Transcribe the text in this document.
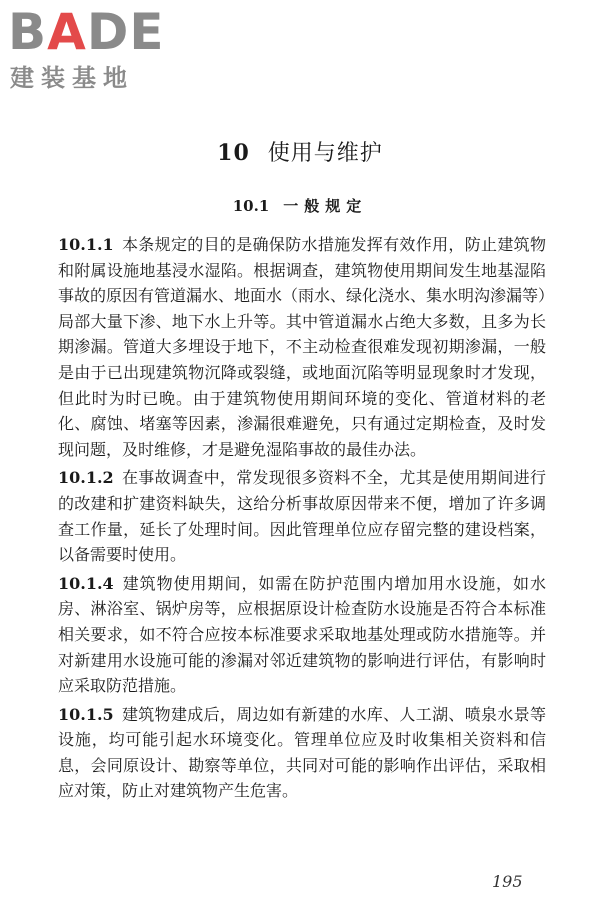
BADE
建装基地
10 使用与维护
10.1 一般规定

10.1.1 本条规定的目的是确保防水措施发挥有效作用，防止建筑物和附属设施地基浸水湿陷。根据调查，建筑物使用期间发生地基湿陷事故的原因有管道漏水、地面水（雨水、绿化浇水、集水明沟渗漏等）局部大量下渗、地下水上升等。其中管道漏水占绝大多数，且多为长期渗漏。管道大多埋设于地下，不主动检查很难发现初期渗漏，一般是由于已出现建筑物沉降或裂缝，或地面沉陷等明显现象时才发现，但此时为时已晚。由于建筑物使用期间环境的变化、管道材料的老化、腐蚀、堵塞等因素，渗漏很难避免，只有通过定期检查，及时发现问题，及时维修，才是避免湿陷事故的最佳办法。

10.1.2 在事故调查中，常发现很多资料不全，尤其是使用期间进行的改建和扩建资料缺失，这给分析事故原因带来不便，增加了许多调查工作量，延长了处理时间。因此管理单位应存留完整的建设档案，以备需要时使用。

10.1.4 建筑物使用期间，如需在防护范围内增加用水设施，如水房、淋浴室、锅炉房等，应根据原设计检查防水设施是否符合本标准相关要求，如不符合应按本标准要求采取地基处理或防水措施等。并对新建用水设施可能的渗漏对邻近建筑物的影响进行评估，有影响时应采取防范措施。

10.1.5 建筑物建成后，周边如有新建的水库、人工湖、喷泉水景等设施，均可能引起水环境变化。管理单位应及时收集相关资料和信息，会同原设计、勘察等单位，共同对可能的影响作出评估，采取相应对策，防止对建筑物产生危害。

195
